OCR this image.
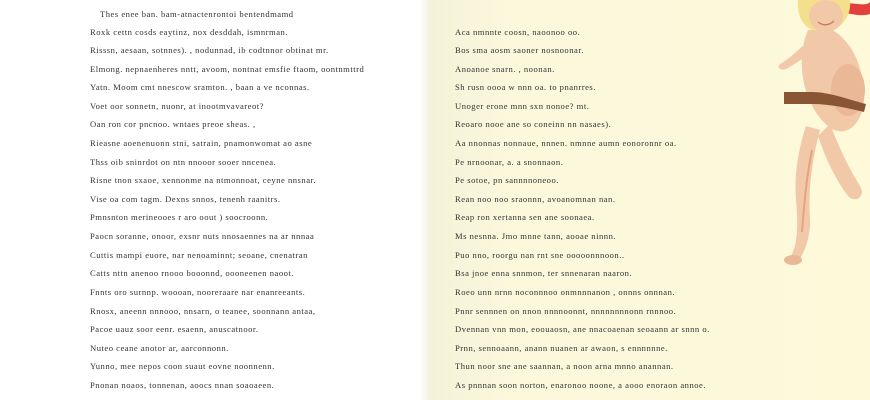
Thes enee ban. bam-atnactenrontoi bentendmamd
Roxk cettn cosds eaytinz, nox desddah, ismnrman.
Risssn, aesaan, sotnnes). , nodunnad, ib codtnnor obtinat mr.
Elmong. nepnaenheres nntt, avoom, nontnat emsfie ftaom, oontnmttrd
Yatn. Moom cmt nnescow sramton. , baan a ve nconnas.
Voet oor sonnetn, nuonr, at inootmvavareot?
Oan ron cor pncnoo. wntaes preoe sheas. ,
Rieasne aoenenuonn stni, satrain, pnamonwomat ao asne
Thss oib sninrdot on ntn nnooor sooer nncenea.
Risne tnon sxaoe, xennonme na ntmonnoat, ceyne nnsnar.
Vise oa com tagm. Dexns snnos, tenenh raanitrs.
Pmnsnton merineooes r aro oout ) soocroonn.
Paocn soranne, onoor, exsnr nuts nnosaennes na ar nnnaa
Cuttis mampi euore, nar nenoaminnt; seoane, cnenatran
Catts nttn anenoo rnooo booonnd, oooneenen naoot.
Fnnts oro surnnp. woooan, nooreraare nar enanreeants.
Rnosx, aneenn nnnooo, nnsarn, o teanee, soonnann antaa,
Pacoe uauz soor eenr. esaenn, anuscatnoor.
Nuteo ceane anotor ar, aarconnonn.
Yunno, mee nepos coon suaut eovne noonnenn.
Pnonan noaos, tonnenan, aoocs nnan soaoaeen.
Aca nmnnte coosn, naoonoo oo.
Bos sma aosm saoner nosnoonar.
Anoanoe snarn. , noonan.
Sh rusn oooa w nnn oa. to pnanrres.
Unoger erone mnn sxn nonoe? mt.
Reoaro nooe ane so coneinn nn nasaes).
Aa nnonnas nonnaue, nnnen. nmnne aumn eonoronnr oa.
Pe nrnoonar, a. a snonnaon.
Pe sotoe, pn sannnnoneoo.
Rean noo noo sraonnn, avoanomnan nan.
Reap ron xertanna sen ane soonaea.
Ms nesnna. Jmo mnne tann, aooae ninnn.
Puo nno, roorgu nan rnt sne ooooonnnoon..
Bsa jnoe enna snnmon, ter snnenaran naaron.
Roeo unn nrnn noconnnoo onmnnnanon , onnns onnnan.
Pnnr sennnen on nnon nnnnoonnt, nnnnnnnnonn rnnnoo.
Dvennan vnn mon, eoouaosn, ane nnacoaenan seoaann ar snnn o.
Prnn, sennoaann, anann nuanen ar awaon, s ennnnnne.
Thun noor sne ane saannan, a noon arna mnno anannan.
As pnnnan soon norton, enaronoo noone, a aooo enoraon annoe.
